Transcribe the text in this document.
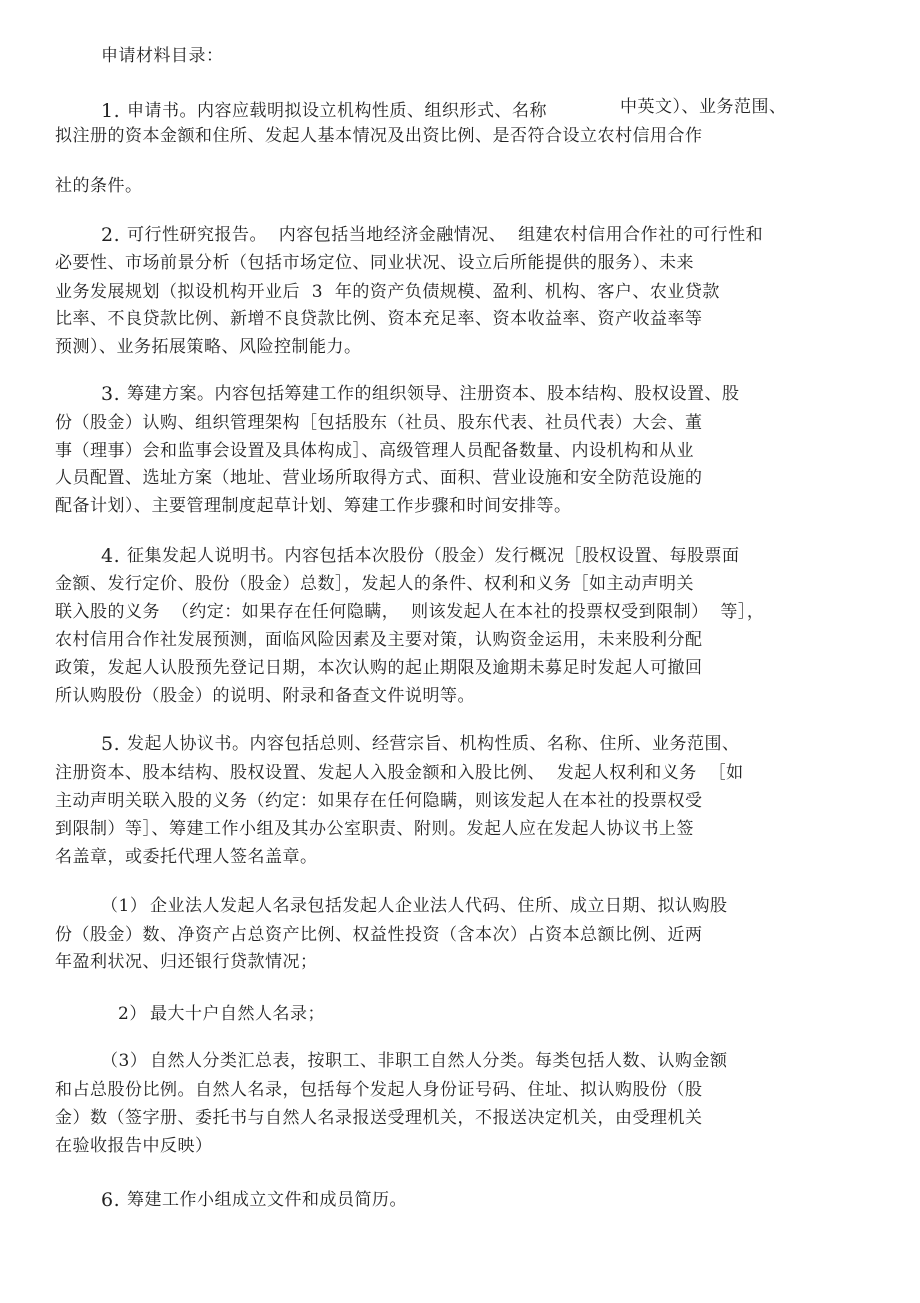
申请材料目录：
1. 申请书。内容应载明拟设立机构性质、组织形式、名称	中英文）、业务范围、
拟注册的资本金额和住所、发起人基本情况及出资比例、是否符合设立农村信用合作
社的条件。
2. 可行性研究报告。  内容包括当地经济金融情况、  组建农村信用合作社的可行性和
必要性、市场前景分析（包括市场定位、同业状况、设立后所能提供的服务）、未来
业务发展规划（拟设机构开业后  3  年的资产负债规模、盈利、机构、客户、农业贷款
比率、不良贷款比例、新增不良贷款比例、资本充足率、资本收益率、资产收益率等
预测）、业务拓展策略、风险控制能力。
3. 筹建方案。内容包括筹建工作的组织领导、注册资本、股本结构、股权设置、股
份（股金）认购、组织管理架构［包括股东（社员、股东代表、社员代表）大会、董
事（理事）会和监事会设置及具体构成］、高级管理人员配备数量、内设机构和从业
人员配置、选址方案（地址、营业场所取得方式、面积、营业设施和安全防范设施的
配备计划）、主要管理制度起草计划、筹建工作步骤和时间安排等。
4. 征集发起人说明书。内容包括本次股份（股金）发行概况［股权设置、每股票面
金额、发行定价、股份（股金）总数］，发起人的条件、权利和义务［如主动声明关
联入股的义务  （约定：如果存在任何隐瞒，  则该发起人在本社的投票权受到限制）  等］，
农村信用合作社发展预测，面临风险因素及主要对策，认购资金运用，未来股利分配
政策，发起人认股预先登记日期，本次认购的起止期限及逾期未募足时发起人可撤回
所认购股份（股金）的说明、附录和备查文件说明等。
5. 发起人协议书。内容包括总则、经营宗旨、机构性质、名称、住所、业务范围、
注册资本、股本结构、股权设置、发起人入股金额和入股比例、  发起人权利和义务  ［如
主动声明关联入股的义务（约定：如果存在任何隐瞒，则该发起人在本社的投票权受
到限制）等］、筹建工作小组及其办公室职责、附则。发起人应在发起人协议书上签
名盖章，或委托代理人签名盖章。
（1） 企业法人发起人名录包括发起人企业法人代码、住所、成立日期、拟认购股
份（股金）数、净资产占总资产比例、权益性投资（含本次）占资本总额比例、近两
年盈利状况、归还银行贷款情况；
2） 最大十户自然人名录；
（3） 自然人分类汇总表，按职工、非职工自然人分类。每类包括人数、认购金额
和占总股份比例。自然人名录，包括每个发起人身份证号码、住址、拟认购股份（股
金）数（签字册、委托书与自然人名录报送受理机关，不报送决定机关，由受理机关
在验收报告中反映）
6. 筹建工作小组成立文件和成员简历。
